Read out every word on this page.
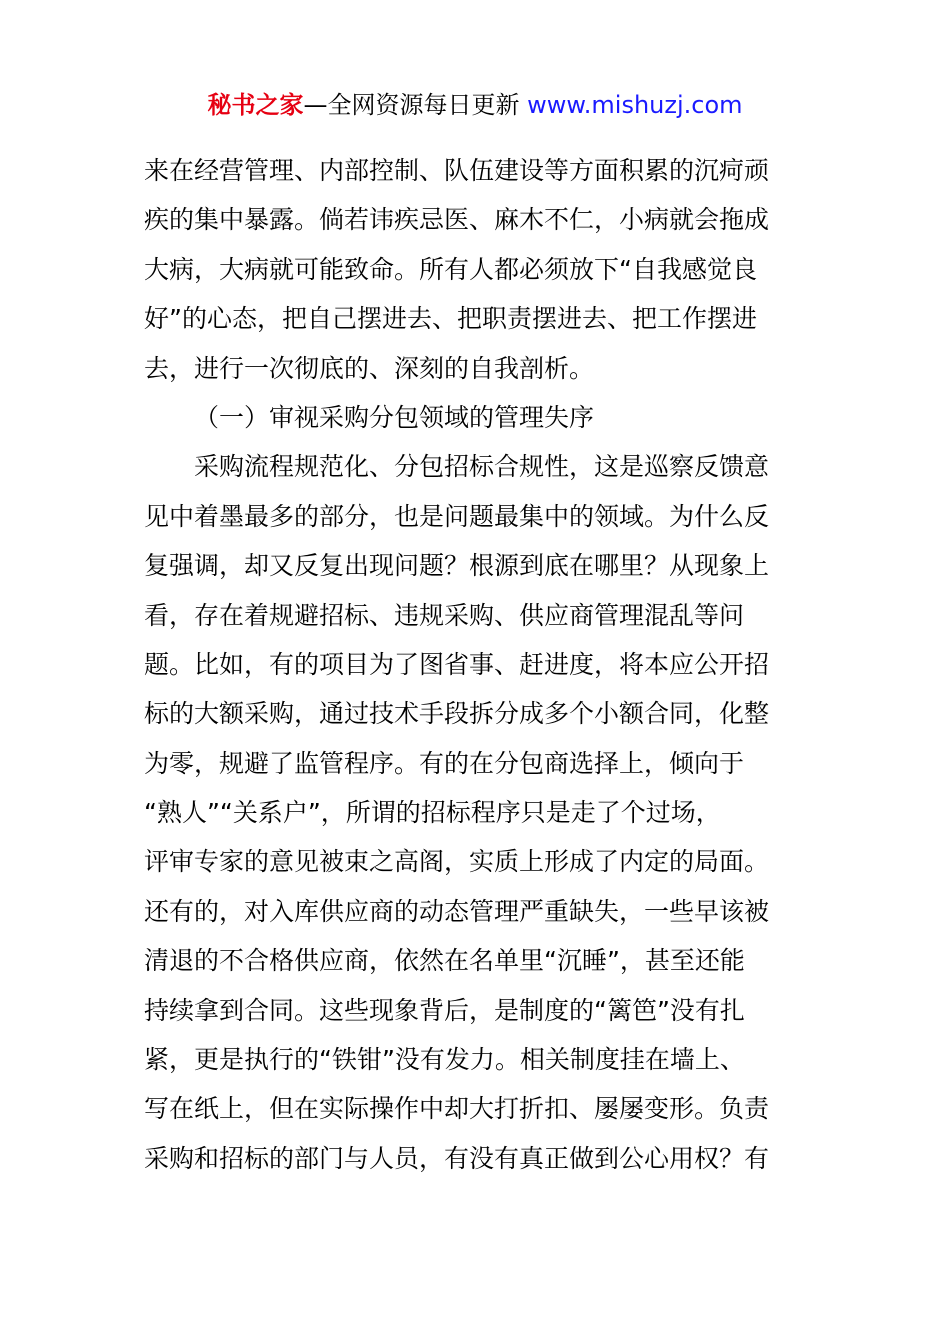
秘书之家—全网资源每日更新 www.mishuzj.com
来在经营管理、内部控制、队伍建设等方面积累的沉疴顽
疾的集中暴露。倘若讳疾忌医、麻木不仁，小病就会拖成
大病，大病就可能致命。所有人都必须放下“自我感觉良
好”的心态，把自己摆进去、把职责摆进去、把工作摆进
去，进行一次彻底的、深刻的自我剖析。
（一）审视采购分包领域的管理失序
采购流程规范化、分包招标合规性，这是巡察反馈意
见中着墨最多的部分，也是问题最集中的领域。为什么反
复强调，却又反复出现问题？根源到底在哪里？从现象上
看，存在着规避招标、违规采购、供应商管理混乱等问
题。比如，有的项目为了图省事、赶进度，将本应公开招
标的大额采购，通过技术手段拆分成多个小额合同，化整
为零，规避了监管程序。有的在分包商选择上，倾向于
“熟人”“关系户”，所谓的招标程序只是走了个过场，
评审专家的意见被束之高阁，实质上形成了内定的局面。
还有的，对入库供应商的动态管理严重缺失，一些早该被
清退的不合格供应商，依然在名单里“沉睡”，甚至还能
持续拿到合同。这些现象背后，是制度的“篱笆”没有扎
紧，更是执行的“铁钳”没有发力。相关制度挂在墙上、
写在纸上，但在实际操作中却大打折扣、屡屡变形。负责
采购和招标的部门与人员，有没有真正做到公心用权？有
